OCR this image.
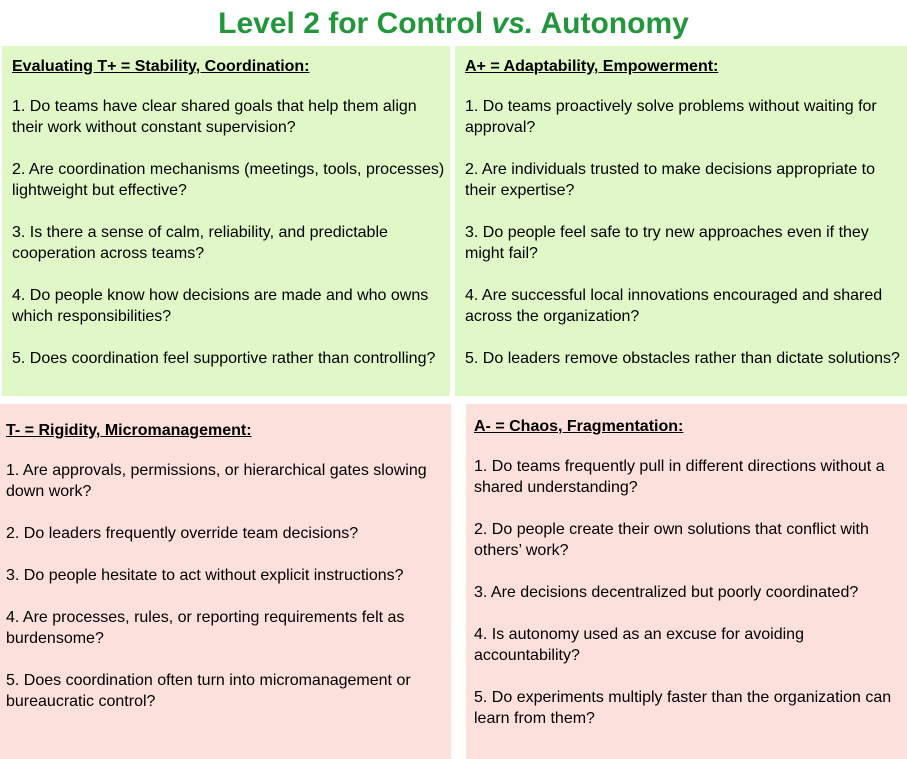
Level 2 for Control vs. Autonomy

Evaluating T+ = Stability, Coordination:

1. Do teams have clear shared goals that help them align their work without constant supervision?

2. Are coordination mechanisms (meetings, tools, processes) lightweight but effective?

3. Is there a sense of calm, reliability, and predictable cooperation across teams?

4. Do people know how decisions are made and who owns which responsibilities?

5. Does coordination feel supportive rather than controlling?

A+ = Adaptability, Empowerment:

1. Do teams proactively solve problems without waiting for approval?

2. Are individuals trusted to make decisions appropriate to their expertise?

3. Do people feel safe to try new approaches even if they might fail?

4. Are successful local innovations encouraged and shared across the organization?

5. Do leaders remove obstacles rather than dictate solutions?

T- = Rigidity, Micromanagement:

1. Are approvals, permissions, or hierarchical gates slowing down work?

2. Do leaders frequently override team decisions?

3. Do people hesitate to act without explicit instructions?

4. Are processes, rules, or reporting requirements felt as burdensome?

5. Does coordination often turn into micromanagement or bureaucratic control?

A- = Chaos, Fragmentation:

1. Do teams frequently pull in different directions without a shared understanding?

2. Do people create their own solutions that conflict with others’ work?

3. Are decisions decentralized but poorly coordinated?

4. Is autonomy used as an excuse for avoiding accountability?

5. Do experiments multiply faster than the organization can learn from them?
